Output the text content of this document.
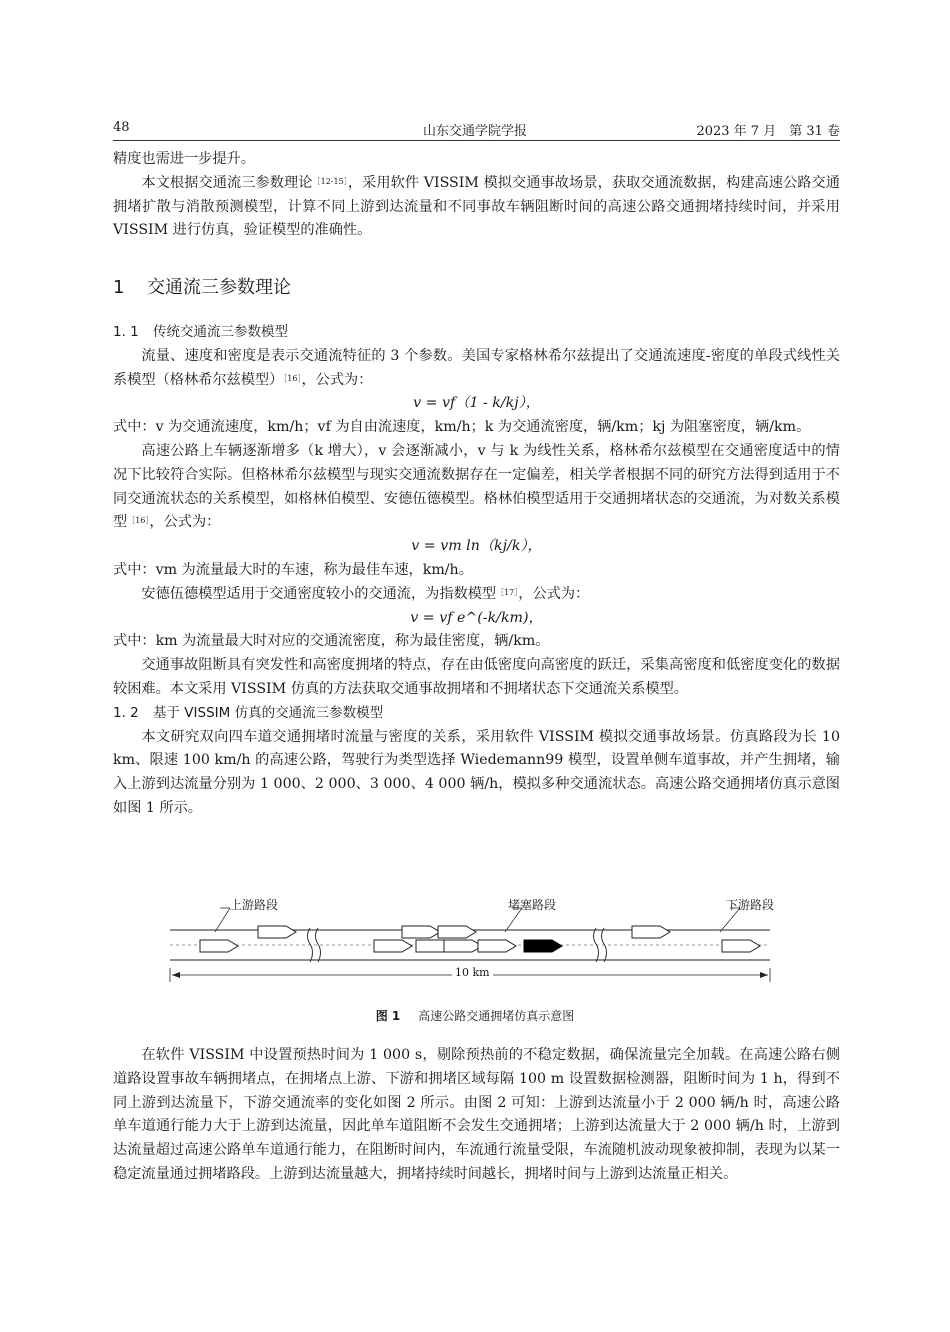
48	山东交通学院学报	2023 年 7 月　第 31 卷

精度也需进一步提升。

本文根据交通流三参数理论$^{[12-15]}$，采用软件 VISSIM 模拟交通事故场景，获取交通流数据，构建高速公路交通拥堵扩散与消散预测模型，计算不同上游到达流量和不同事故车辆阻断时间的高速公路交通拥堵持续时间，并采用 VISSIM 进行仿真，验证模型的准确性。

1 交通流三参数理论
1. 1 传统交通流三参数模型

流量、速度和密度是表示交通流特征的 3 个参数。美国专家格林希尔兹提出了交通流速度-密度的单段式线性关系模型（格林希尔兹模型）$^{[16]}$，公式为：

v = vf（1 - k/kj），

式中：v 为交通流速度，km/h；vf 为自由流速度，km/h；k 为交通流密度，辆/km；kj 为阻塞密度，辆/km。

高速公路上车辆逐渐增多（k 增大），v 会逐渐减小，v 与 k 为线性关系，格林希尔兹模型在交通密度适中的情况下比较符合实际。但格林希尔兹模型与现实交通流数据存在一定偏差，相关学者根据不同的研究方法得到适用于不同交通流状态的关系模型，如格林伯模型、安德伍德模型。格林伯模型适用于交通拥堵状态的交通流，为对数关系模型$^{[16]}$，公式为：

v = vm ln（kj/k），

式中：vm 为流量最大时的车速，称为最佳车速，km/h。

安德伍德模型适用于交通密度较小的交通流，为指数模型$^{[17]}$，公式为：

v = vf e^(-k/km)，

式中：km 为流量最大时对应的交通流密度，称为最佳密度，辆/km。

交通事故阻断具有突发性和高密度拥堵的特点，存在由低密度向高密度的跃迁，采集高密度和低密度变化的数据较困难。本文采用 VISSIM 仿真的方法获取交通事故拥堵和不拥堵状态下交通流关系模型。

1. 2 基于 VISSIM 仿真的交通流三参数模型

本文研究双向四车道交通拥堵时流量与密度的关系，采用软件 VISSIM 模拟交通事故场景。仿真路段为长 10 km、限速 100 km/h 的高速公路，驾驶行为类型选择 Wiedemann99 模型，设置单侧车道事故，并产生拥堵，输入上游到达流量分别为 1 000、2 000、3 000、4 000 辆/h，模拟多种交通流状态。高速公路交通拥堵仿真示意图如图 1 所示。

上游路段	堵塞路段	下游路段
10 km
图 1 高速公路交通拥堵仿真示意图

在软件 VISSIM 中设置预热时间为 1 000 s，剔除预热前的不稳定数据，确保流量完全加载。在高速公路右侧道路设置事故车辆拥堵点，在拥堵点上游、下游和拥堵区域每隔 100 m 设置数据检测器，阻断时间为 1 h，得到不同上游到达流量下，下游交通流率的变化如图 2 所示。由图 2 可知：上游到达流量小于 2 000 辆/h 时，高速公路单车道通行能力大于上游到达流量，因此单车道阻断不会发生交通拥堵；上游到达流量大于 2 000 辆/h 时，上游到达流量超过高速公路单车道通行能力，在阻断时间内，车流通行流量受限，车流随机波动现象被抑制，表现为以某一稳定流量通过拥堵路段。上游到达流量越大，拥堵持续时间越长，拥堵时间与上游到达流量正相关。
